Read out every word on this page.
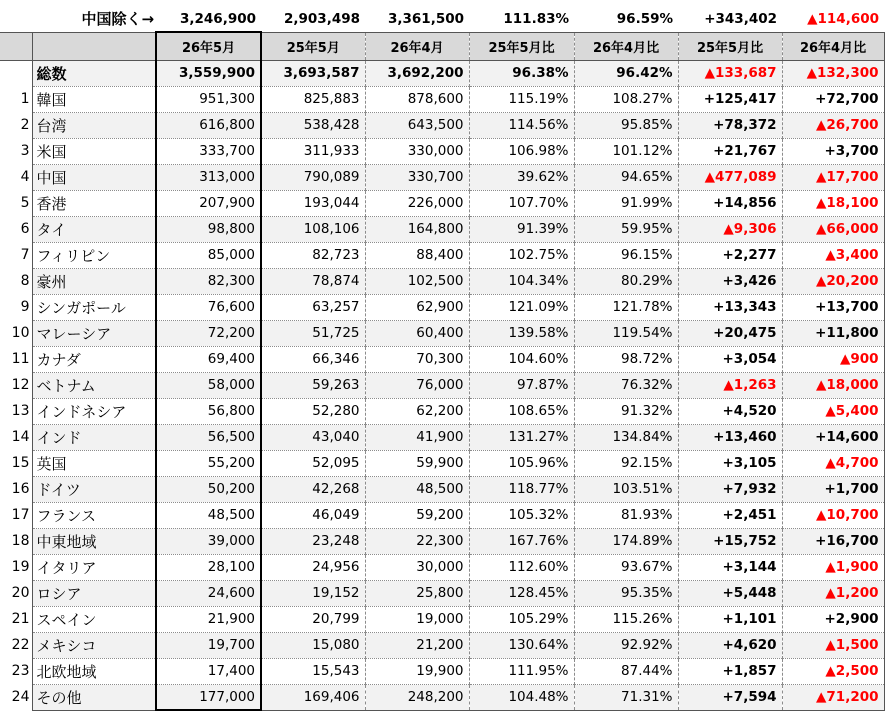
中国除く→		3,246,900	2,903,498	3,361,500	111.83%	96.59%	+343,402	▲114,600
		26年5月	25年5月	26年4月	25年5月比	26年4月比	25年5月比	26年4月比
	総数	3,559,900	3,693,587	3,692,200	96.38%	96.42%	▲133,687	▲132,300
1	韓国	951,300	825,883	878,600	115.19%	108.27%	+125,417	+72,700
2	台湾	616,800	538,428	643,500	114.56%	95.85%	+78,372	▲26,700
3	米国	333,700	311,933	330,000	106.98%	101.12%	+21,767	+3,700
4	中国	313,000	790,089	330,700	39.62%	94.65%	▲477,089	▲17,700
5	香港	207,900	193,044	226,000	107.70%	91.99%	+14,856	▲18,100
6	タイ	98,800	108,106	164,800	91.39%	59.95%	▲9,306	▲66,000
7	フィリピン	85,000	82,723	88,400	102.75%	96.15%	+2,277	▲3,400
8	豪州	82,300	78,874	102,500	104.34%	80.29%	+3,426	▲20,200
9	シンガポール	76,600	63,257	62,900	121.09%	121.78%	+13,343	+13,700
10	マレーシア	72,200	51,725	60,400	139.58%	119.54%	+20,475	+11,800
11	カナダ	69,400	66,346	70,300	104.60%	98.72%	+3,054	▲900
12	ベトナム	58,000	59,263	76,000	97.87%	76.32%	▲1,263	▲18,000
13	インドネシア	56,800	52,280	62,200	108.65%	91.32%	+4,520	▲5,400
14	インド	56,500	43,040	41,900	131.27%	134.84%	+13,460	+14,600
15	英国	55,200	52,095	59,900	105.96%	92.15%	+3,105	▲4,700
16	ドイツ	50,200	42,268	48,500	118.77%	103.51%	+7,932	+1,700
17	フランス	48,500	46,049	59,200	105.32%	81.93%	+2,451	▲10,700
18	中東地域	39,000	23,248	22,300	167.76%	174.89%	+15,752	+16,700
19	イタリア	28,100	24,956	30,000	112.60%	93.67%	+3,144	▲1,900
20	ロシア	24,600	19,152	25,800	128.45%	95.35%	+5,448	▲1,200
21	スペイン	21,900	20,799	19,000	105.29%	115.26%	+1,101	+2,900
22	メキシコ	19,700	15,080	21,200	130.64%	92.92%	+4,620	▲1,500
23	北欧地域	17,400	15,543	19,900	111.95%	87.44%	+1,857	▲2,500
24	その他	177,000	169,406	248,200	104.48%	71.31%	+7,594	▲71,200
